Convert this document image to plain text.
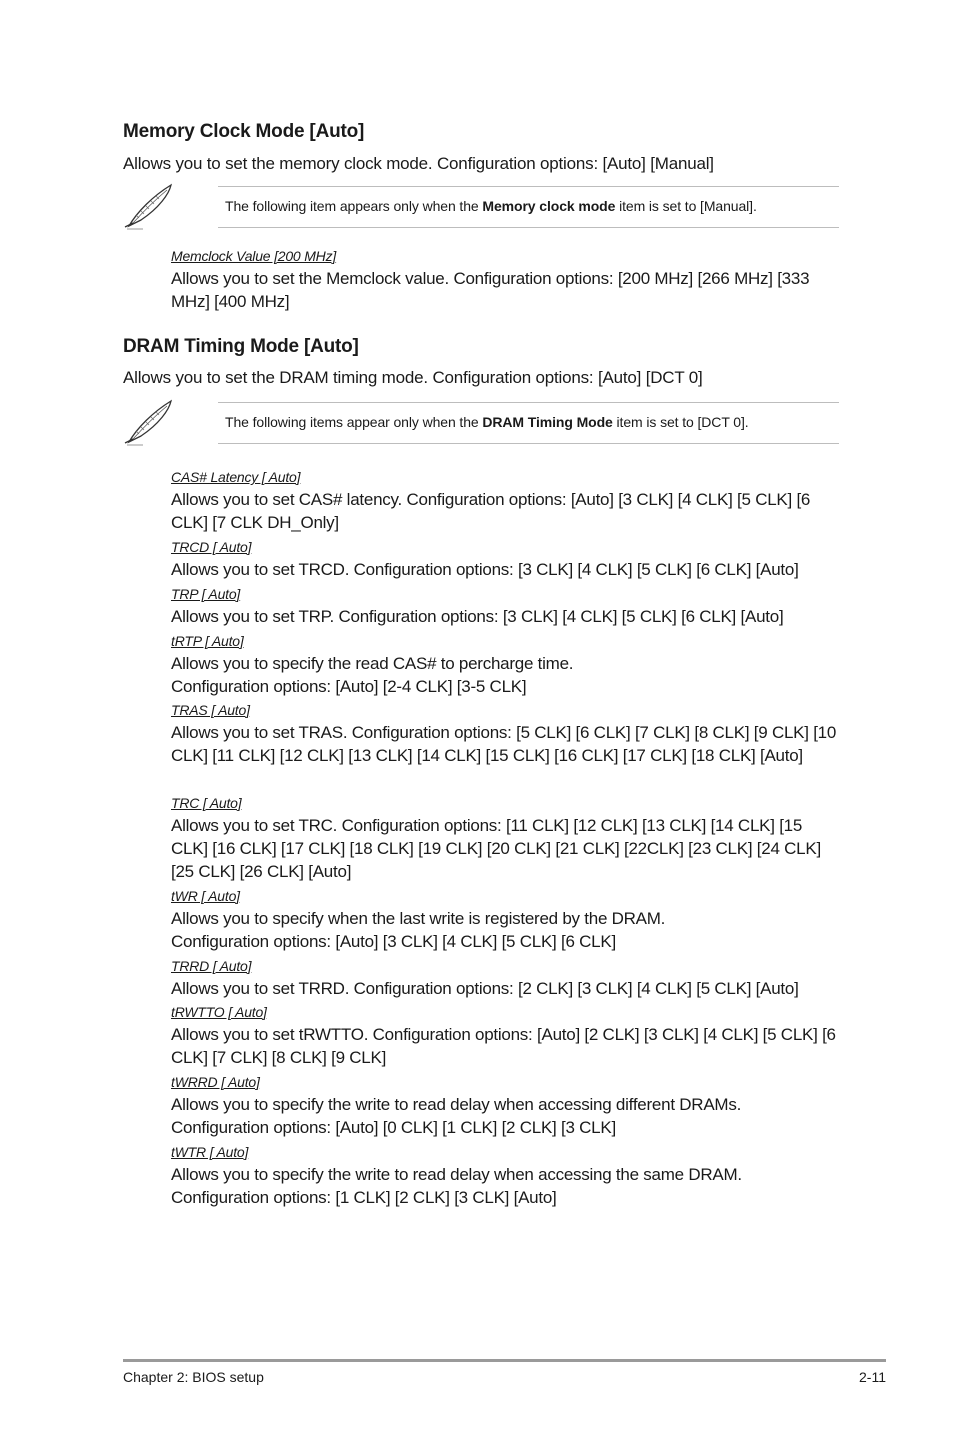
Memory Clock Mode [Auto]

Allows you to set the memory clock mode. Configuration options: [Auto] [Manual]

The following item appears only when the Memory clock mode item is set to [Manual].

Memclock Value [200 MHz]

Allows you to set the Memclock value. Configuration options: [200 MHz] [266 MHz] [333 MHz] [400 MHz]

DRAM Timing Mode [Auto]

Allows you to set the DRAM timing mode. Configuration options: [Auto] [DCT 0]

The following items appear only when the DRAM Timing Mode item is set to [DCT 0].

CAS# Latency [ Auto]

Allows you to set CAS# latency. Configuration options: [Auto] [3 CLK] [4 CLK] [5 CLK] [6 CLK] [7 CLK DH_Only]

TRCD [ Auto]

Allows you to set TRCD. Configuration options: [3 CLK] [4 CLK] [5 CLK] [6 CLK] [Auto]

TRP [ Auto]

Allows you to set TRP. Configuration options: [3 CLK] [4 CLK] [5 CLK] [6 CLK] [Auto]

tRTP [ Auto]

Allows you to specify the read CAS# to percharge time.

Configuration options: [Auto] [2-4 CLK] [3-5 CLK]

TRAS [ Auto]

Allows you to set TRAS. Configuration options: [5 CLK] [6 CLK] [7 CLK] [8 CLK] [9 CLK] [10 CLK] [11 CLK] [12 CLK] [13 CLK] [14 CLK] [15 CLK] [16 CLK] [17 CLK] [18 CLK] [Auto]

TRC [ Auto]

Allows you to set TRC. Configuration options: [11 CLK] [12 CLK] [13 CLK] [14 CLK] [15 CLK] [16 CLK] [17 CLK] [18 CLK] [19 CLK] [20 CLK] [21 CLK] [22CLK] [23 CLK] [24 CLK] [25 CLK] [26 CLK] [Auto]

tWR [ Auto]

Allows you to specify when the last write is registered by the DRAM.

Configuration options: [Auto] [3 CLK] [4 CLK] [5 CLK] [6 CLK]

TRRD [ Auto]

Allows you to set TRRD. Configuration options: [2 CLK] [3 CLK] [4 CLK] [5 CLK] [Auto]

tRWTTO [ Auto]

Allows you to set tRWTTO. Configuration options: [Auto] [2 CLK] [3 CLK] [4 CLK] [5 CLK] [6 CLK] [7 CLK] [8 CLK] [9 CLK]

tWRRD [ Auto]

Allows you to specify the write to read delay when accessing different DRAMs.

Configuration options: [Auto] [0 CLK] [1 CLK] [2 CLK] [3 CLK]

tWTR [ Auto]

Allows you to specify the write to read delay when accessing the same DRAM.

Configuration options: [1 CLK] [2 CLK] [3 CLK] [Auto]

Chapter 2: BIOS setup	2-11
